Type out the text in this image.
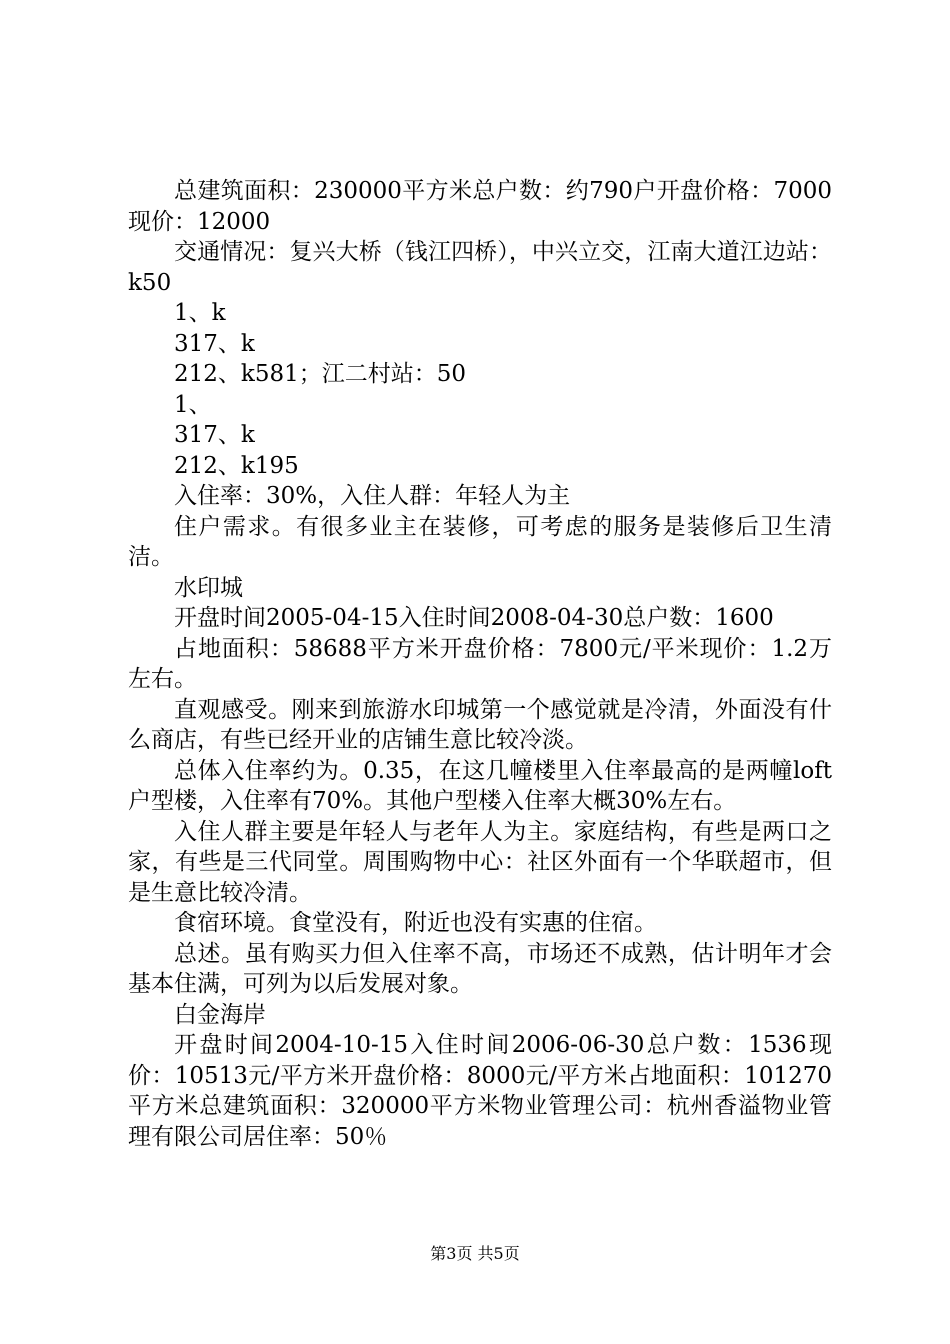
总建筑面积：230000平方米总户数：约790户开盘价格：7000现价：12000

交通情况：复兴大桥（钱江四桥），中兴立交，江南大道江边站：k50

1、k

317、k

212、k581；江二村站：50

1、

317、k

212、k195

入住率：30%，入住人群：年轻人为主

住户需求。有很多业主在装修，可考虑的服务是装修后卫生清洁。

水印城

开盘时间2005-04-15入住时间2008-04-30总户数：1600

占地面积：58688平方米开盘价格：7800元/平米现价：1.2万左右。

直观感受。刚来到旅游水印城第一个感觉就是冷清，外面没有什么商店，有些已经开业的店铺生意比较冷淡。

总体入住率约为。0.35，在这几幢楼里入住率最高的是两幢loft户型楼，入住率有70%。其他户型楼入住率大概30%左右。

入住人群主要是年轻人与老年人为主。家庭结构，有些是两口之家，有些是三代同堂。周围购物中心：社区外面有一个华联超市，但是生意比较冷清。

食宿环境。食堂没有，附近也没有实惠的住宿。

总述。虽有购买力但入住率不高，市场还不成熟，估计明年才会基本住满，可列为以后发展对象。

白金海岸

开盘时间2004-10-15入住时间2006-06-30总户数：1536现价：10513元/平方米开盘价格：8000元/平方米占地面积：101270平方米总建筑面积：320000平方米物业管理公司：杭州香溢物业管理有限公司居住率：50％

第3页 共5页
